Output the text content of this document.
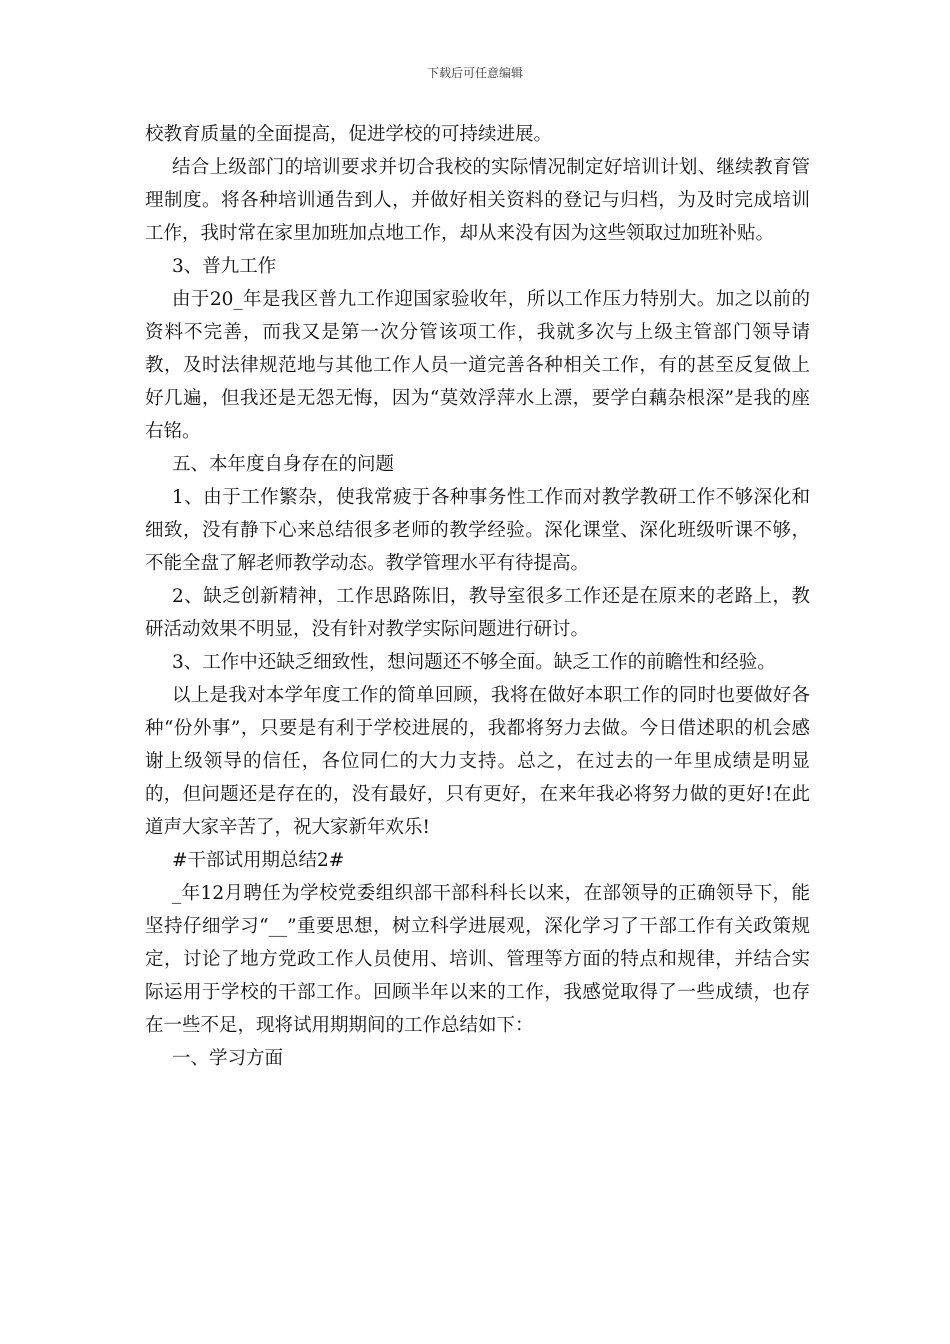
下载后可任意编辑

校教育质量的全面提高，促进学校的可持续进展。

结合上级部门的培训要求并切合我校的实际情况制定好培训计划、继续教育管理制度。将各种培训通告到人，并做好相关资料的登记与归档，为及时完成培训工作，我时常在家里加班加点地工作，却从来没有因为这些领取过加班补贴。

3、普九工作

由于20_年是我区普九工作迎国家验收年，所以工作压力特别大。加之以前的资料不完善，而我又是第一次分管该项工作，我就多次与上级主管部门领导请教，及时法律规范地与其他工作人员一道完善各种相关工作，有的甚至反复做上好几遍，但我还是无怨无悔，因为“莫效浮萍水上漂，要学白藕杂根深”是我的座右铭。

五、本年度自身存在的问题

1、由于工作繁杂，使我常疲于各种事务性工作而对教学教研工作不够深化和细致，没有静下心来总结很多老师的教学经验。深化课堂、深化班级听课不够，不能全盘了解老师教学动态。教学管理水平有待提高。

2、缺乏创新精神，工作思路陈旧，教导室很多工作还是在原来的老路上，教研活动效果不明显，没有针对教学实际问题进行研讨。

3、工作中还缺乏细致性，想问题还不够全面。缺乏工作的前瞻性和经验。

以上是我对本学年度工作的简单回顾，我将在做好本职工作的同时也要做好各种“份外事”，只要是有利于学校进展的，我都将努力去做。今日借述职的机会感谢上级领导的信任，各位同仁的大力支持。总之，在过去的一年里成绩是明显的，但问题还是存在的，没有最好，只有更好，在来年我必将努力做的更好!在此道声大家辛苦了，祝大家新年欢乐!

#干部试用期总结2#

_年12月聘任为学校党委组织部干部科科长以来，在部领导的正确领导下，能坚持仔细学习“__”重要思想，树立科学进展观，深化学习了干部工作有关政策规定，讨论了地方党政工作人员使用、培训、管理等方面的特点和规律，并结合实际运用于学校的干部工作。回顾半年以来的工作，我感觉取得了一些成绩，也存在一些不足，现将试用期期间的工作总结如下：

一、学习方面
